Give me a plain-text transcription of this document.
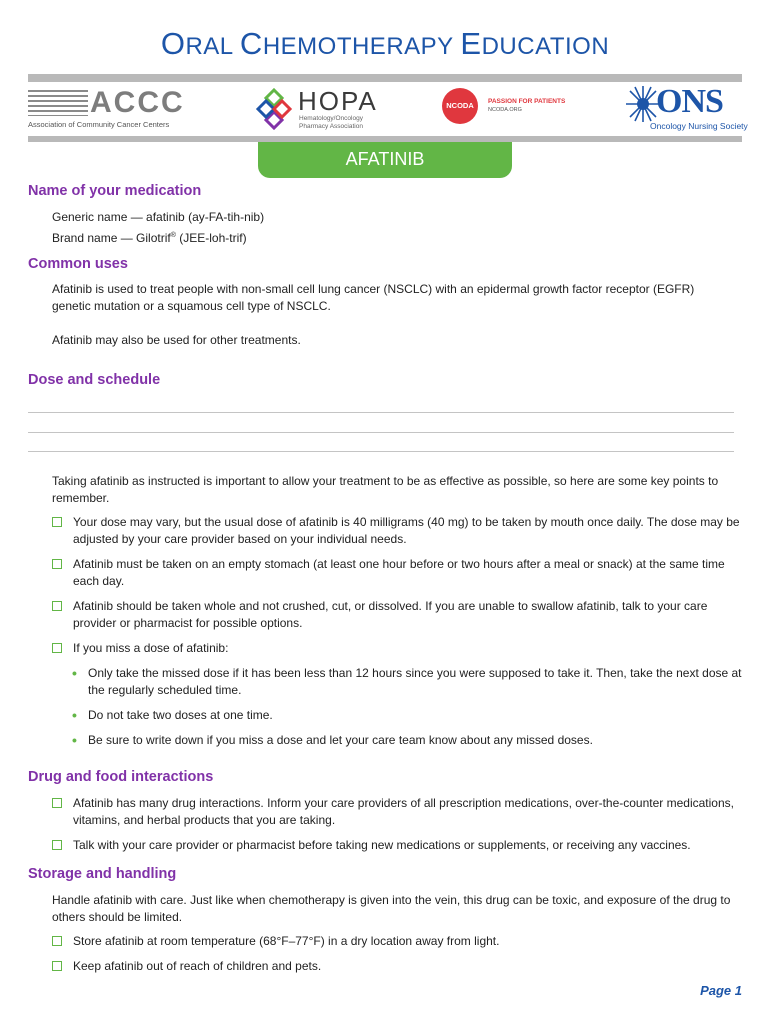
ORAL CHEMOTHERAPY EDUCATION
ACCC
Association of Community Cancer Centers
HOPA
Hematology/Oncology
Pharmacy Association
NCODA	PASSION FOR PATIENTS
NCODA.ORG	ONS
Oncology Nursing Society
AFATINIB
Name of your medication
Generic name — afatinib (ay-FA-tih-nib)
Brand name — Gilotrif® (JEE-loh-trif)
Common uses
Afatinib is used to treat people with non-small cell lung cancer (NSCLC) with an epidermal growth factor receptor (EGFR) genetic mutation or a squamous cell type of NSCLC.
Afatinib may also be used for other treatments.
Dose and schedule
Taking afatinib as instructed is important to allow your treatment to be as effective as possible, so here are some key points to remember.
Your dose may vary, but the usual dose of afatinib is 40 milligrams (40 mg) to be taken by mouth once daily. The dose may be adjusted by your care provider based on your individual needs.
Afatinib must be taken on an empty stomach (at least one hour before or two hours after a meal or snack) at the same time each day.
Afatinib should be taken whole and not crushed, cut, or dissolved. If you are unable to swallow afatinib, talk to your care provider or pharmacist for possible options.
If you miss a dose of afatinib:
• Only take the missed dose if it has been less than 12 hours since you were supposed to take it. Then, take the next dose at the regularly scheduled time.
• Do not take two doses at one time.
• Be sure to write down if you miss a dose and let your care team know about any missed doses.
Drug and food interactions
Afatinib has many drug interactions. Inform your care providers of all prescription medications, over-the-counter medications, vitamins, and herbal products that you are taking.
Talk with your care provider or pharmacist before taking new medications or supplements, or receiving any vaccines.
Storage and handling
Handle afatinib with care. Just like when chemotherapy is given into the vein, this drug can be toxic, and exposure of the drug to others should be limited.
Store afatinib at room temperature (68°F–77°F) in a dry location away from light.
Keep afatinib out of reach of children and pets.
Page 1
